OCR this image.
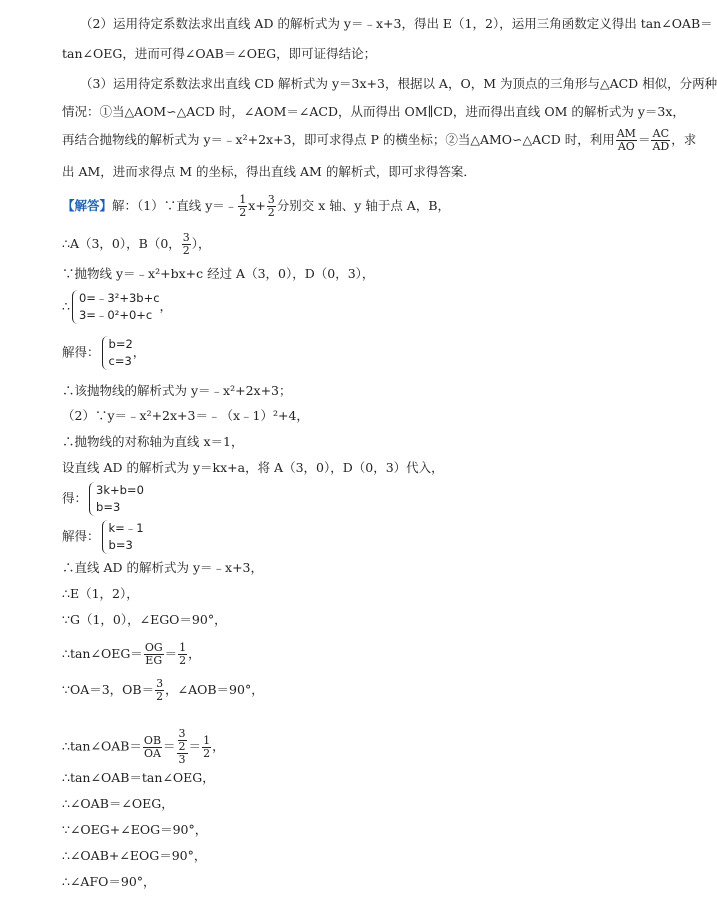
（2）运用待定系数法求出直线 AD 的解析式为 y＝﹣x+3，得出 E（1，2），运用三角函数定义得出 tan∠OAB＝
tan∠OEG，进而可得∠OAB＝∠OEG，即可证得结论；
（3）运用待定系数法求出直线 CD 解析式为 y＝3x+3，根据以 A，O，M 为顶点的三角形与△ACD 相似，分两种
情况：①当△AOM∽△ACD 时，∠AOM＝∠ACD，从而得出 OM∥CD，进而得出直线 OM 的解析式为 y＝3x，
再结合抛物线的解析式为 y＝﹣x²+2x+3，即可求得点 P 的横坐标；②当△AMO∽△ACD 时，利用 $\frac{AM}{AO} = \frac{AC}{AD}$ ，求
出 AM，进而求得点 M 的坐标，得出直线 AM 的解析式，即可求得答案．
【解答】解：（1）∵直线 y＝﹣ $\frac{1}{2} x+ \frac{3}{2}$ 分别交 x 轴、y 轴于点 A，B，
∴A（3，0），B（0， $\frac{3}{2}$ ），
∵抛物线 y＝﹣x²+bx+c 经过 A（3，0），D（0，3），
∴
0=﹣3²+3b+c
3=﹣0²+0+c
，
解得：
b=2
c=3
，
∴该抛物线的解析式为 y＝﹣x²+2x+3；
（2）∵y＝﹣x²+2x+3＝﹣（x﹣1）²+4，
∴抛物线的对称轴为直线 x＝1，
设直线 AD 的解析式为 y＝kx+a，将 A（3，0），D（0，3）代入，
得：
3k+b=0
b=3
解得：
k=﹣1
b=3
∴直线 AD 的解析式为 y＝﹣x+3，
∴E（1，2），
∵G（1，0），∠EGO＝90°，
∴tan∠OEG＝ $\frac{OG}{EG} = \frac{1}{2}$ ，
∵OA＝3，$OB= \frac{3}{2}$ ，∠AOB＝90°，
∴tan∠OAB＝ $\frac{OB}{OA} = \frac{\frac{3}{2}}{3} = \frac{1}{2}$ ，
∴tan∠OAB＝tan∠OEG，
∴∠OAB＝∠OEG，
∵∠OEG+∠EOG＝90°，
∴∠OAB+∠EOG＝90°，
∴∠AFO＝90°，
